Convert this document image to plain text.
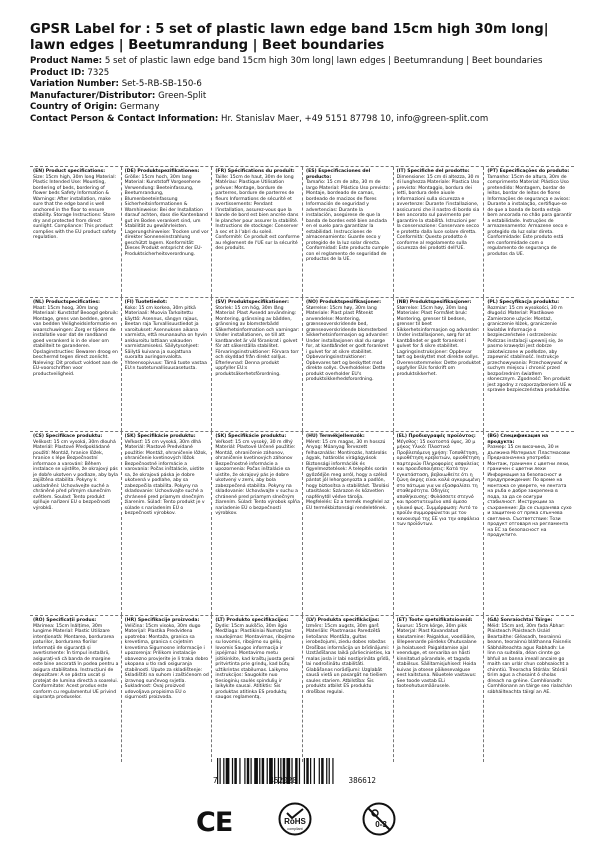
GPSR Label for : 5 set of plastic lawn edge band 15cm high 30m long| lawn edges | Beetumrandung | Beet boundaries
Product Name: 5 set of plastic lawn edge band 15cm high 30m long| lawn edges | Beetumrandung | Beet boundaries
Product ID: 7325
Variation Number: Set-5-RB-SB-150-6
Manufacturer/Distributor: Green-Split
Country of Origin: Germany
Contact Person & Contact Information: Hr. Stanislav Maer, +49 5151 87798 10, info@green-split.com
(EN) Product specifications:
Size: 15cm high, 30m long Material: Plastic Intended Use: Mounting, bordering of beds, bordering of flower beds Safety Information & Warnings: After installation, make sure that the edge band is well anchored in the floor to ensure stability. Storage Instructions: Store dry and protected from direct sunlight. Compliance: This product complies with the EU product safety regulation.
(DE) Produktspezifikationen:
Größe: 15cm hoch, 30m lang Material: Kunststoff Vorgesehene Verwendung: Beeteinfassung, Beetumrandung, Blumenbeeteinfassung Sicherheitsinformationen & Warnhinweise: Bei der Installation darauf achten, dass die Kantenband gut im Boden verankert sind, um Stabilität zu gewährleisten. Lagerungshinweise: Trocken und vor direkter Sonneneinstrahlung geschützt lagern. Konformität: Dieses Produkt entspricht der EU-Produktsicherheitsverordnung.
(FR) Spécifications du produit:
Taille: 15cm de haut, 30m de long Matériau: Plastique Utilisation prévue: Montage, bordure de parterres, bordure de parterres de fleurs Informations de sécurité et avertissements: Pendant l'installation, assurez-vous que la bande de bord est bien ancrée dans le plancher pour assurer la stabilité. Instructions de stockage: Conserver à sec et à l'abri du soleil. Conformité: Ce produit est conforme au règlement de l'UE sur la sécurité des produits.
(ES) Especificaciones del producto:
Tamaño: 15 cm de alto, 30 m de largo Material: Plástico Uso previsto: Montaje, bordeado de camas, bordeado de macizos de flores Información de seguridad y advertencias: Durante la instalación, asegúrese de que la banda de bordes esté bien anclada en el suelo para garantizar la estabilidad. Instrucciones de almacenamiento: Guarde seco y protegido de la luz solar directa. Conformidad: Este producto cumple con el reglamento de seguridad de productos de la UE.
(IT) Specifiche del prodotto:
Dimensione: 15 cm di altezza, 30 m di lunghezza Materiale: Plastica Uso previsto: Montaggio, bordura dei letti, bordura delle aiuole Informazioni sulla sicurezza e avvertenze: Durante l'installazione, assicurarsi che il nastro di bordo sia ben ancorato sul pavimento per garantire la stabilità. Istruzioni per la conservazione: Conservare secco e protetto dalla luce solare diretta. Conformità: Questo prodotto è conforme al regolamento sulla sicurezza dei prodotti dell'UE.
(PT) Especificações do produto:
Tamanho: 15cm de altura, 30m de comprimento Material: Plástico Uso pretendido: Montagem, bordar de leitos, bordar de leitos de flores Informações de segurança e avisos: Durante a instalação, certifique-se de que a banda de borda esteja bem ancorada no chão para garantir a estabilidade. Instruções de armazenamento: Armazene seco e protegido da luz solar direta. Conformidade: Este produto está em conformidade com o regulamento de segurança de produtos da UE.
(NL) Productspecificaties:
Maat: 15cm hoog, 30m lang Materiaal: Kunststof Beoogd gebruik: Montage, grens van bedden, grens van bedden Veiligheidsinformatie en waarschuwingen: Zorg er tijdens de installatie voor dat de randband goed verankerd is in de vloer om stabiliteit te garanderen. Opslaginstructies: Bewaren droog en beschermd tegen direct zonlicht. Naleving: Dit product voldoet aan de EU-voorschriften voor productveiligheid.
(FI) Tuotetiedot:
Koko: 15 cm korkea, 30m pitkä Materiaali: Muovia Tarkoitettu käyttö: Asennus, sängyn rajaus, Beetan raja Turvallisuustiedot ja varoitukset: Asennuksen aikana varmista, että reunanauha on hyvin ankkuroitu lattiaan vakauden varmistamiseksi. Säilytysohjeet: Säilytä kuivana ja suojattuna suoralta auringonvalolta. Yhteensopivuus: Tämä tuote vastaa EU:n tuoteturvallisuusasetusta.
(SV) Produktspecifikationer:
Storlek: 15 cm hög, 30m lång Material: Plast Avsedd användning: Montering, gränsning av bädden, gränsning av blomsterbädd Säkerhetsinformation och varningar: Under installationen, se till att kantbandet är väl förankrat i golvet för att säkerställa stabilitet. Förvaringsinstruktioner: Förvara torr och skyddad från direkt solljus. Efterlevnad: Denna produkt uppfyller EU:s produktsäkerhetsförordning.
(NO) Produktspesifikasjoner:
Størrelse: 15cm høy, 30m lang Materiale: Plast plast Påtenkt anvendelse: Montering, grænseoverskridende bed, grænseoverskridende blomsterbed Sikkerhetsinformasjon og advarsler: Under installasjonen skal du sørge for, at kantbåndet er godt forankret i gulvet for at sikre stabilitet. Opbevaringsinstruktioner: Opbevares tørt og beskyttet mod direkte sollys. Overholdelse: Dette produkt overholder EU's produktsikkerhedsforordning.
(NB) Produktspesifikasjoner:
Størrelse: 15cm høy, 30m lang Materiale: Plast Formålet bruk: Montering, grenser til bedsen, grenser til beet Sikkerhetsinformasjon og advarsler: Under installasjonen, sørg for at kantbåndet er godt forankret i gulvet for å sikre stabilitet. Lagringsinstruksjoner: Oppbevar tørt og beskyttet mot direkte sollys. Overensstemmelse: Dette produktet oppfyller EUs forskrift om produktsikkerhet.
(PL) Specyfikacja produktu:
Rozmiar: 15 cm wysokości, 30 m długości Materiał: Plastikowe Zamierzone użycie: Montaż, graniczenie łóżek, graniczenie kwiatów Informacje o bezpieczeństwie i ostrzeżenia: Podczas instalacji upewnij się, że pasmo krawędzi jest dobrze zakotwiczone w podłodze, aby zapewnić stabilność. Instrukcje przechowywania: Przechowywać w suchym miejscu i chronić przed bezpośrednim światłem słonecznym. Zgodność: Ten produkt jest zgodny z rozporządzeniem UE w sprawie bezpieczeństwa produktów.
(CS) Specifikace produktu:
Velikost: 15 cm vysoká, 30m dlouhá Materiál: Plastové Předpokládané použití: Montáž, hranice lůžek, hranice s lépe Bezpečnostní informace a varování: Během instalace se ujistěte, že okrajový pás je dobře ukotven v podlaze, aby byla zajištěna stabilita. Pokyny k uskladnění: Uchovávejte suché a chráněné před přímým slunečním světlem. Soulad: Tento produkt splňuje nařízení EU o bezpečnosti výrobků.
(SK) Špecifikácie produktu:
Veľkosť: 15 cm vysoká, 30m dlhá Materiál: Plastové Predvídané použitie: Montáž, ohraničenie lôžok, ohraničenie kvetinových lôžok Bezpečnostné informácie a varovania: Počas inštalácie, uistite sa, že okrajová páska je dobre ukotvená v podlahe, aby sa zabezpečila stabilita. Pokyny na skladovanie: Uchovávajte suché a chránené pred priamym slnečným žiarením. Súlad: Tento produkt je v súlade s nariadením EÚ o bezpečnosti výrobkov.
(SK) Špecifikácie produktu:
Veľkosť: 15 cm vysoký, 30 m dlhý Materiál: Plastové Určené použitie: Montáž, ohraničenie záhonov, ohraničenie kvetinových záhonov Bezpečnostné informácie a upozornenia: Počas inštalácie sa uistite, že okrajový pás je dobre ukotvený v zemi, aby bola zabezpečená stabilita. Pokyny na skladovanie: Uchovávajte v suchu a chránené pred priamym slnečným žiarením. Súlad: Tento výrobok spĺňa nariadenie EÚ o bezpečnosti výrobkov.
(HU) Termékjellemzők:
Méret: 15 cm magas, 30 m hosszú Anyag: Műanyag Tervezett felhasználás: Montírozás, határolás ágyak, határolás virágágyások Biztonsági információk és figyelmeztetések: A telepítés során győződjön meg arról, hogy a szélső pántot jól lehorgonyozta a padlón, hogy biztosítsa a stabilitást. Tárolási utasítások: Szárazon és közvetlen napfénytől védve tárolja. Megfelelés: Ez a termék megfelel az EU termékbiztonsági rendeletének.
(EL) Προδιαγραφές προϊόντος:
Μέγεθος: 15 εκατοστά ύψος, 30 μ μήκος Υλικό: Πλαστικό Προβλεπόμενη χρήση: Τοποθέτηση, οριοθέτηση κρεβατιών, οριοθέτηση παρτεριών Πληροφορίες ασφαλείας και προειδοποιήσεις: Κατά την εγκατάσταση, βεβαιωθείτε ότι η ζώνη άκρης είναι καλά αγκυρωμένη στο πάτωμα για να εξασφαλίσει τη σταθερότητα. Οδηγίες αποθήκευσης: Φυλάσσετε στεγνό και προστατευμένο από άμεσο ηλιακό φως. Συμμόρφωση: Αυτό το προϊόν συμμορφώνεται με τον κανονισμό της ΕΕ για την ασφάλεια των προϊόντων.
(BG) Спецификация на продукта:
Размер: 15 см височина, 30 м дължина Материал: Пластмасови Предназначена употреба: Монтаж, граничен с цветни лехи, граничен с цветни лехи Информация за безопасност и предупреждения: По време на монтажа се уверете, че лентата на ръба е добре закрепена в пода, за да се осигури стабилност. Инструкции за съхранение: Да се съхранява сухо и защитено от пряка слънчева светлина. Съответствие: Този продукт отговаря на регламента на ЕС за безопасност на продуктите.
(RO) Specificații produs:
Mărimea: 15cm înălțime, 30m lungime Material: Plastic Utilizare intenționată: Montarea, bordurarea paturilor, bordurarea florilor Informații de siguranță și avertismente: În timpul instalării, asigurați-vă că banda de margine este bine ancorată în podea pentru a asigura stabilitatea. Instrucțiuni de depozitare: A se păstra uscat și protejat de lumina directă a soarelui. Conformitate: Acest produs este conform cu regulamentul UE privind siguranța produselor.
(HR) Specifikacije proizvoda:
Veličina: 15cm visoko, 30m dugo Materijal: Plastika Predviđena upotreba: Montaža, granica sa krevetima, granica s cvjetnim krevetima Sigurnosne informacije i upozorenja: Prilikom instalacije obavezno provjerite je li traka dobro ukopana u tlo radi osiguranja stabilnosti. Upute za skladištenje: Skladištiti na suhom i zaštićenom od izravnog sunčevog svjetla. Sukladnost: Ovaj proizvod udovoljava propisima EU o sigurnosti proizvoda.
(LT) Produkto specifikacijos:
Dydis: 15cm aukščio, 30m ilgio Medžiaga: Plastikiniai Numatytas naudojimas: Montavimas, ribojimo su lovomis, ribojimo su gėlių lovomis Saugos informacija ir įspėjimai: Montavimo metu įsitikinkite, kad kraštų juosta gerai pritvirtinta prie grindų, kad būtų užtikrintas stabilumas. Laikymo instrukcijos: Saugokite nuo tiesioginių saulės spindulių ir laikykite sausai. Atitiktis: Šis produktas atitinka ES produktų saugos reglamentą.
(LV) Produkta specifikācijas:
Izmērs: 15cm augsts, 30m garš Materiāls: Plastmasas Paredzētā lietošana: Montāža, gultas ierobežojumi, ziedu dobes robežas Drošības informācija un brīdinājumi: Uzstādīšanas laikā pārliecinieties, ka malas josla ir labi nostiprināta grīdā, lai nodrošinātu stabilitāti. Glabāšanas norādījumi: Uzglabāt sausā vietā un pasargāt no tiešiem saules stariem. Atbilstība: Šis produkts atbilst ES produktu drošības regulai.
(ET) Toote spetsifikatsioonid:
Suurus: 15cm kõrge, 30m pikk Materjal: Plast Kavandatud kasutamine: Paigaldus, voodiääre, lillepeenarde piirdeks Ohutusalane ja hoiatused: Paigaldamise ajal veenduge, et servariba on hästi kinnitatud põrandale, et tagada stabiilsus. Säilitamisjuhised: Hoida kuivas ja otsese päikesevalguse eest kaitstuna. Nõuetele vastavus: See toode vastab ELi tooteohutusmäärusele.
(GA) Sonraíochtaí Táirge:
Méid: 15cm ard, 30m fada Ábhar: Plaisteach Plaisteach Úsáid Beartaithe: Gléasadh, teorainnú beann, teorainnú bláthanna Faisnéis Sábháilteachta agus Rabhadh: Le linn na suiteála, déan cinnte go bhfuil an banna imeall ancaire go maith san urlár chun cobhsaíocht a chinntiú. Treoracha Stórála: Stóráil tirim agus a chosaint ó sholas díreach na gréine. Comhlíonadh: Comhlíonann an táirge seo rialachán sábháilteachta táirgí an AE.
7	452028	386612
CE	RoHS
compliant	0-3
